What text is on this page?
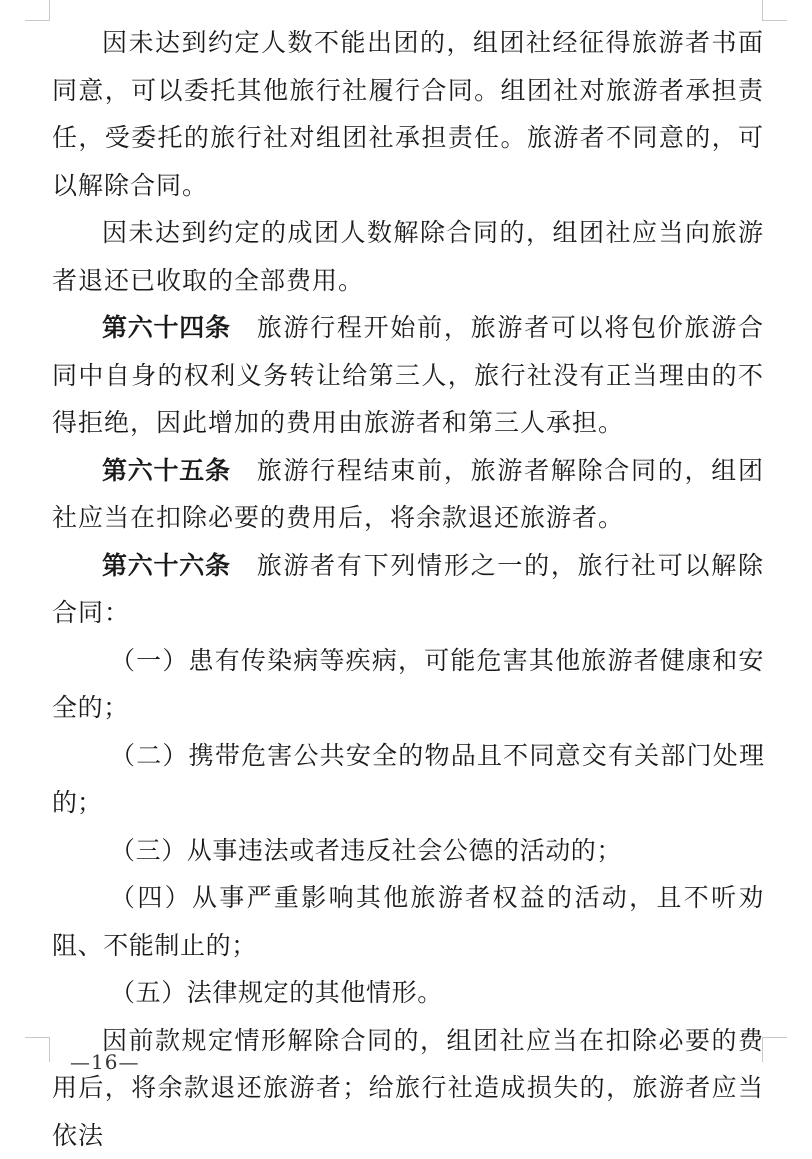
因未达到约定人数不能出团的，组团社经征得旅游者书面同意，可以委托其他旅行社履行合同。组团社对旅游者承担责任，受委托的旅行社对组团社承担责任。旅游者不同意的，可以解除合同。

因未达到约定的成团人数解除合同的，组团社应当向旅游者退还已收取的全部费用。

第六十四条 旅游行程开始前，旅游者可以将包价旅游合同中自身的权利义务转让给第三人，旅行社没有正当理由的不得拒绝，因此增加的费用由旅游者和第三人承担。

第六十五条 旅游行程结束前，旅游者解除合同的，组团社应当在扣除必要的费用后，将余款退还旅游者。

第六十六条 旅游者有下列情形之一的，旅行社可以解除合同：

（一）患有传染病等疾病，可能危害其他旅游者健康和安全的；

（二）携带危害公共安全的物品且不同意交有关部门处理的；

（三）从事违法或者违反社会公德的活动的；

（四）从事严重影响其他旅游者权益的活动，且不听劝阻、不能制止的；

（五）法律规定的其他情形。

因前款规定情形解除合同的，组团社应当在扣除必要的费用后，将余款退还旅游者；给旅行社造成损失的，旅游者应当依法

—16—
